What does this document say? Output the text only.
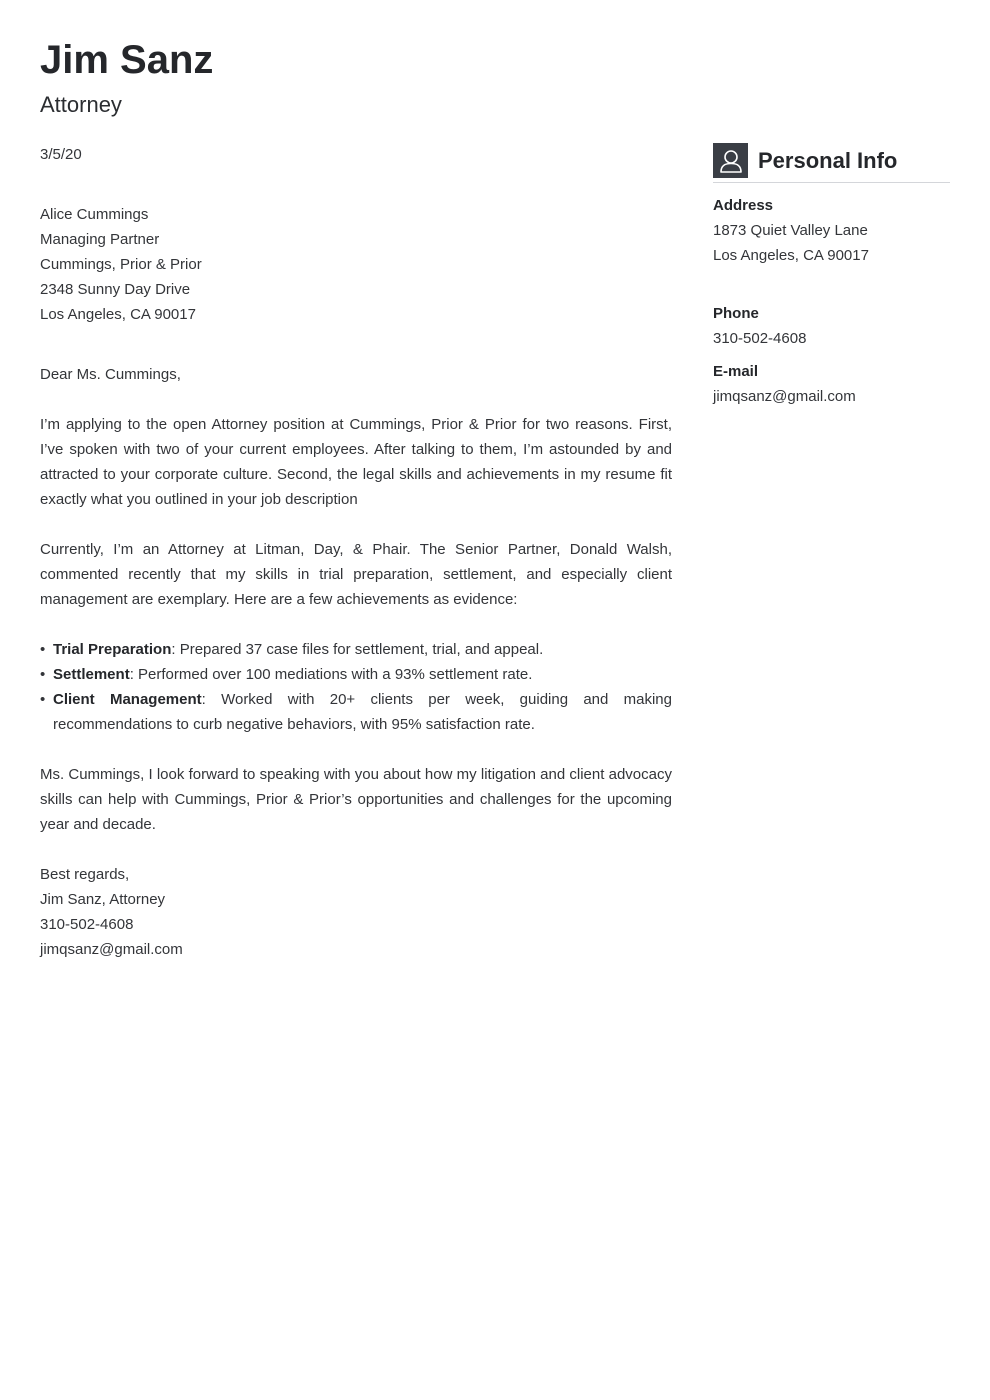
Jim Sanz
Attorney

3/5/20

Alice Cummings
Managing Partner
Cummings, Prior & Prior
2348 Sunny Day Drive
Los Angeles, CA 90017

Dear Ms. Cummings,

I’m applying to the open Attorney position at Cummings, Prior & Prior for two reasons. First, I’ve spoken with two of your current employees. After talking to them, I’m astounded by and attracted to your corporate culture. Second, the legal skills and achievements in my resume fit exactly what you outlined in your job description

Currently, I’m an Attorney at Litman, Day, & Phair. The Senior Partner, Donald Walsh, commented recently that my skills in trial preparation, settlement, and especially client management are exemplary. Here are a few achievements as evidence:

• Trial Preparation: Prepared 37 case files for settlement, trial, and appeal.
• Settlement: Performed over 100 mediations with a 93% settlement rate.
• Client Management: Worked with 20+ clients per week, guiding and making recommendations to curb negative behaviors, with 95% satisfaction rate.

Ms. Cummings, I look forward to speaking with you about how my litigation and client advocacy skills can help with Cummings, Prior & Prior’s opportunities and challenges for the upcoming year and decade.

Best regards,
Jim Sanz, Attorney
310-502-4608
jimqsanz@gmail.com
Personal Info
Address
1873 Quiet Valley Lane
Los Angeles, CA 90017
Phone
310-502-4608
E-mail
jimqsanz@gmail.com
